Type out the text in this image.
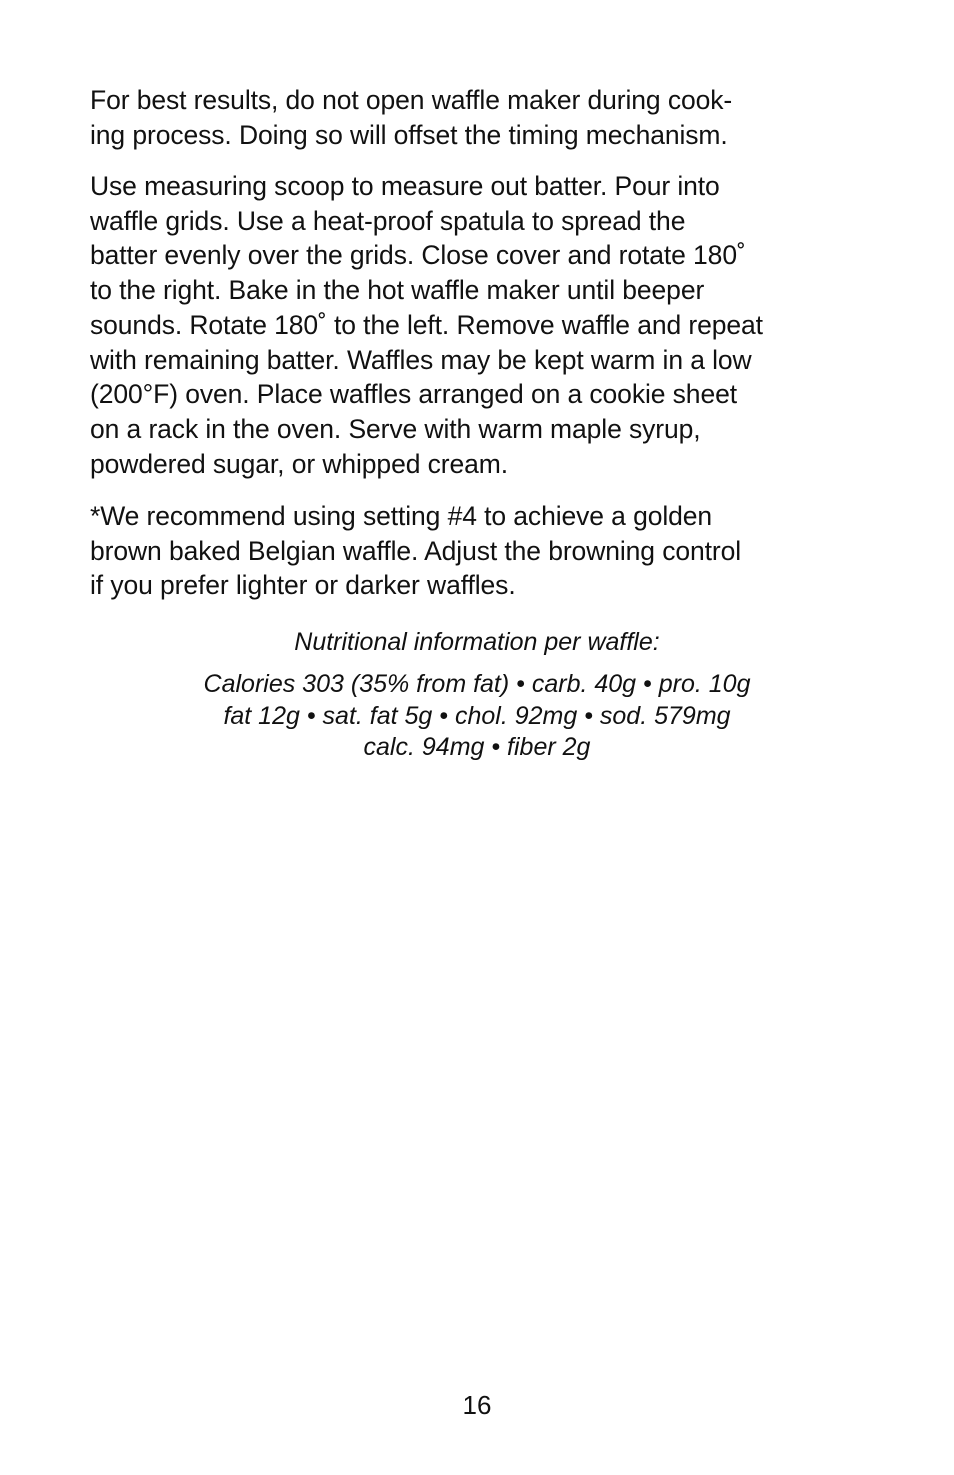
For best results, do not open waffle maker during cook-
ing process. Doing so will offset the timing mechanism.

Use measuring scoop to measure out batter. Pour into
waffle grids. Use a heat-proof spatula to spread the
batter evenly over the grids. Close cover and rotate 180˚
to the right. Bake in the hot waffle maker until beeper
sounds. Rotate 180˚ to the left. Remove waffle and repeat
with remaining batter. Waffles may be kept warm in a low
(200°F) oven. Place waffles arranged on a cookie sheet
on a rack in the oven. Serve with warm maple syrup,
powdered sugar, or whipped cream.

*We recommend using setting #4 to achieve a golden
brown baked Belgian waffle. Adjust the browning control
if you prefer lighter or darker waffles.

Nutritional information per waffle:
Calories 303 (35% from fat) • carb. 40g • pro. 10g
fat 12g • sat. fat 5g • chol. 92mg • sod. 579mg
calc. 94mg • fiber 2g
16
